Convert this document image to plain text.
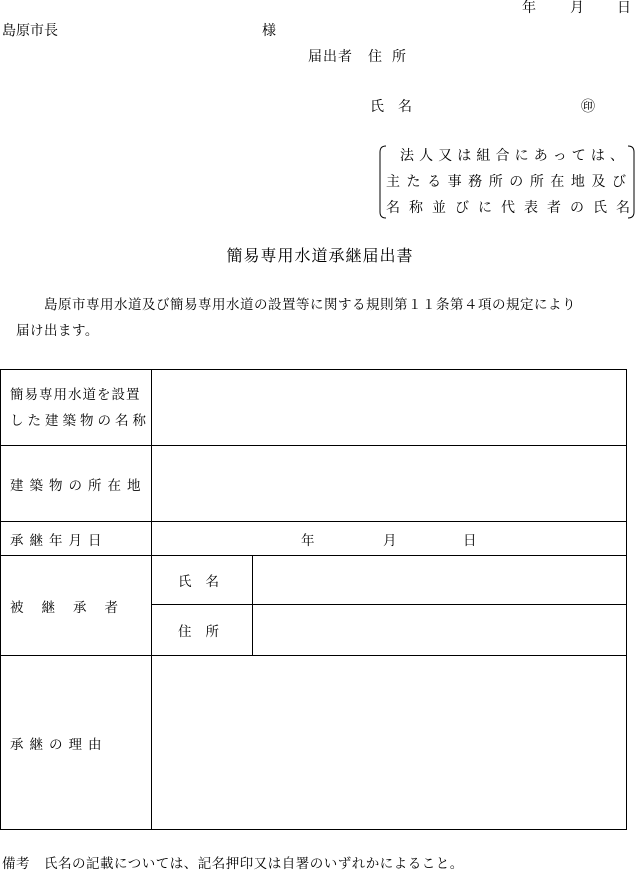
年 月 日
島原市長	様
届出者 住所
氏名	㊞
法人又は組合にあっては、
主たる事務所の所在地及び
名称並びに代表者の氏名
簡易専用水道承継届出書
島原市専用水道及び簡易専用水道の設置等に関する規則第１１条第４項の規定により
届け出ます。
簡易専用水道を設置
した建築物の名称		

建築物の所在地		
承継年月日	年 月 日	

被継承者	氏名	
	住所	
承継の理由		
備考　氏名の記載については、記名押印又は自署のいずれかによること。
